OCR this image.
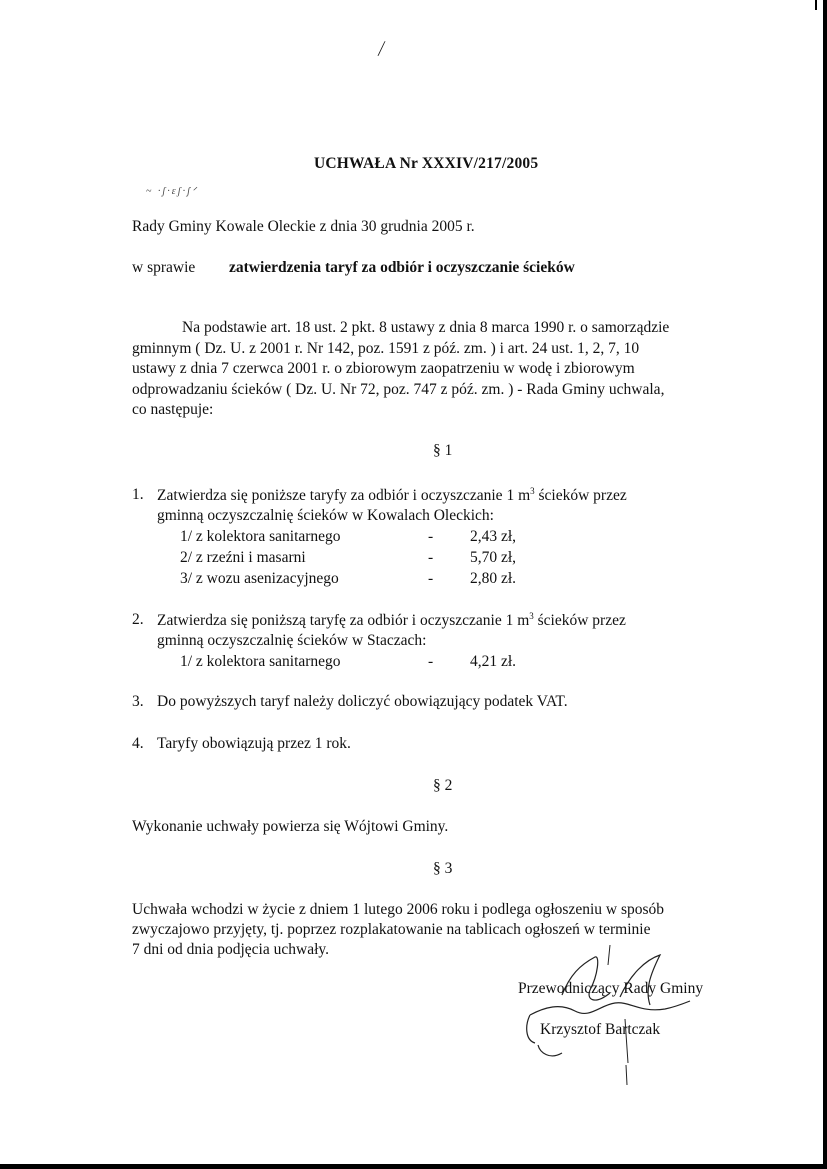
⁄
UCHWAŁA Nr XXXIV/217/2005
~ ·ʃ·ɛʃ·ʃᐟ
Rady Gminy Kowale Oleckie z dnia 30 grudnia 2005 r.
w sprawie zatwierdzenia taryf za odbiór i oczyszczanie ścieków
Na podstawie art. 18 ust. 2 pkt. 8 ustawy z dnia 8 marca 1990 r. o samorządzie
gminnym ( Dz. U. z 2001 r. Nr 142, poz. 1591 z póź. zm. ) i art. 24 ust. 1, 2, 7, 10
ustawy z dnia 7 czerwca 2001 r. o zbiorowym zaopatrzeniu w wodę i zbiorowym
odprowadzaniu ścieków ( Dz. U. Nr 72, poz. 747 z póź. zm. ) - Rada Gminy uchwala,
co następuje:
§ 1
1. Zatwierdza się poniższe taryfy za odbiór i oczyszczanie 1 $m^3$ ścieków przez
gminną oczyszczalnię ścieków w Kowalach Oleckich:
1/ z kolektora sanitarnego	- 2,43 zł,
2/ z rzeźni i masarni	- 5,70 zł,
3/ z wozu asenizacyjnego	- 2,80 zł.
2. Zatwierdza się poniższą taryfę za odbiór i oczyszczanie 1 $m^3$ ścieków przez
gminną oczyszczalnię ścieków w Staczach:
1/ z kolektora sanitarnego	- 4,21 zł.
3. Do powyższych taryf należy doliczyć obowiązujący podatek VAT.
4. Taryfy obowiązują przez 1 rok.
§ 2
Wykonanie uchwały powierza się Wójtowi Gminy.
§ 3
Uchwała wchodzi w życie z dniem 1 lutego 2006 roku i podlega ogłoszeniu w sposób
zwyczajowo przyjęty, tj. poprzez rozplakatowanie na tablicach ogłoszeń w terminie
7 dni od dnia podjęcia uchwały.
Przewodniczący Rady Gminy
Krzysztof Bartczak
